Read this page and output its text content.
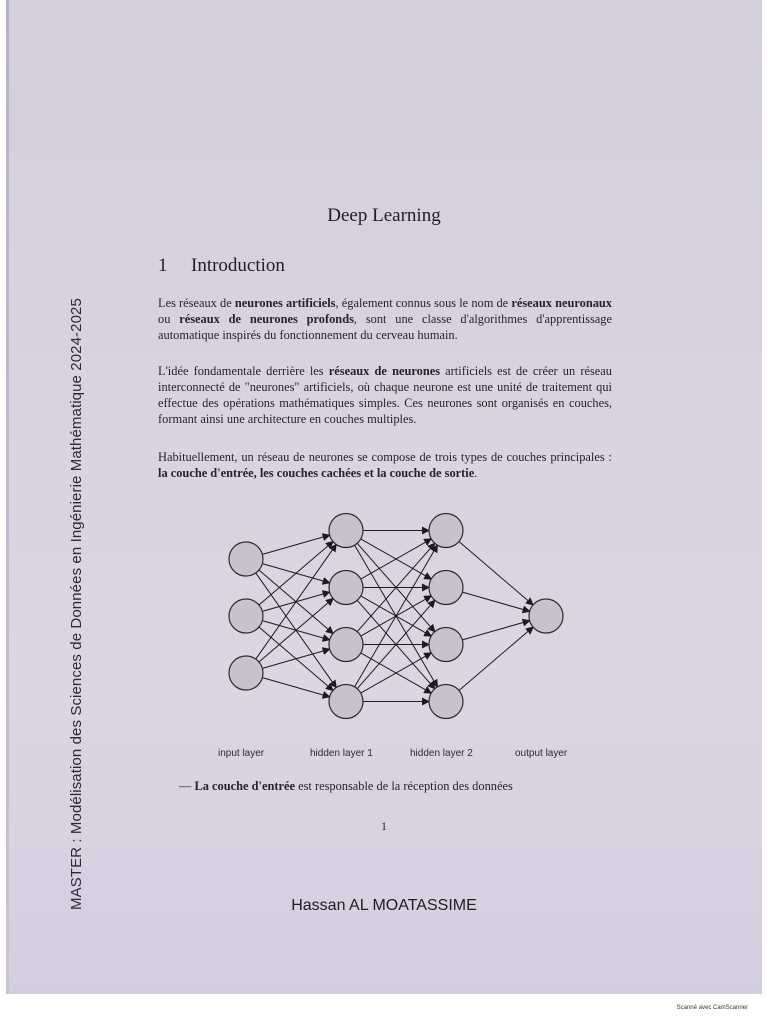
MASTER : Modélisation des Sciences de Données en Ingénierie Mathématique 2024-2025
Deep Learning
1 Introduction
Les réseaux de neurones artificiels, également connus sous le nom de réseaux neuronaux ou réseaux de neurones profonds, sont une classe d'algorithmes d'apprentissage automatique inspirés du fonctionnement du cerveau humain.
L'idée fondamentale derrière les réseaux de neurones artificiels est de créer un réseau interconnecté de "neurones" artificiels, où chaque neurone est une unité de traitement qui effectue des opérations mathématiques simples. Ces neurones sont organisés en couches, formant ainsi une architecture en couches multiples.
Habituellement, un réseau de neurones se compose de trois types de couches principales : la couche d'entrée, les couches cachées et la couche de sortie.
input layer	hidden layer 1	hidden layer 2	output layer
— La couche d'entrée est responsable de la réception des données
1
Hassan AL MOATASSIME
Scanné avec CamScanner
